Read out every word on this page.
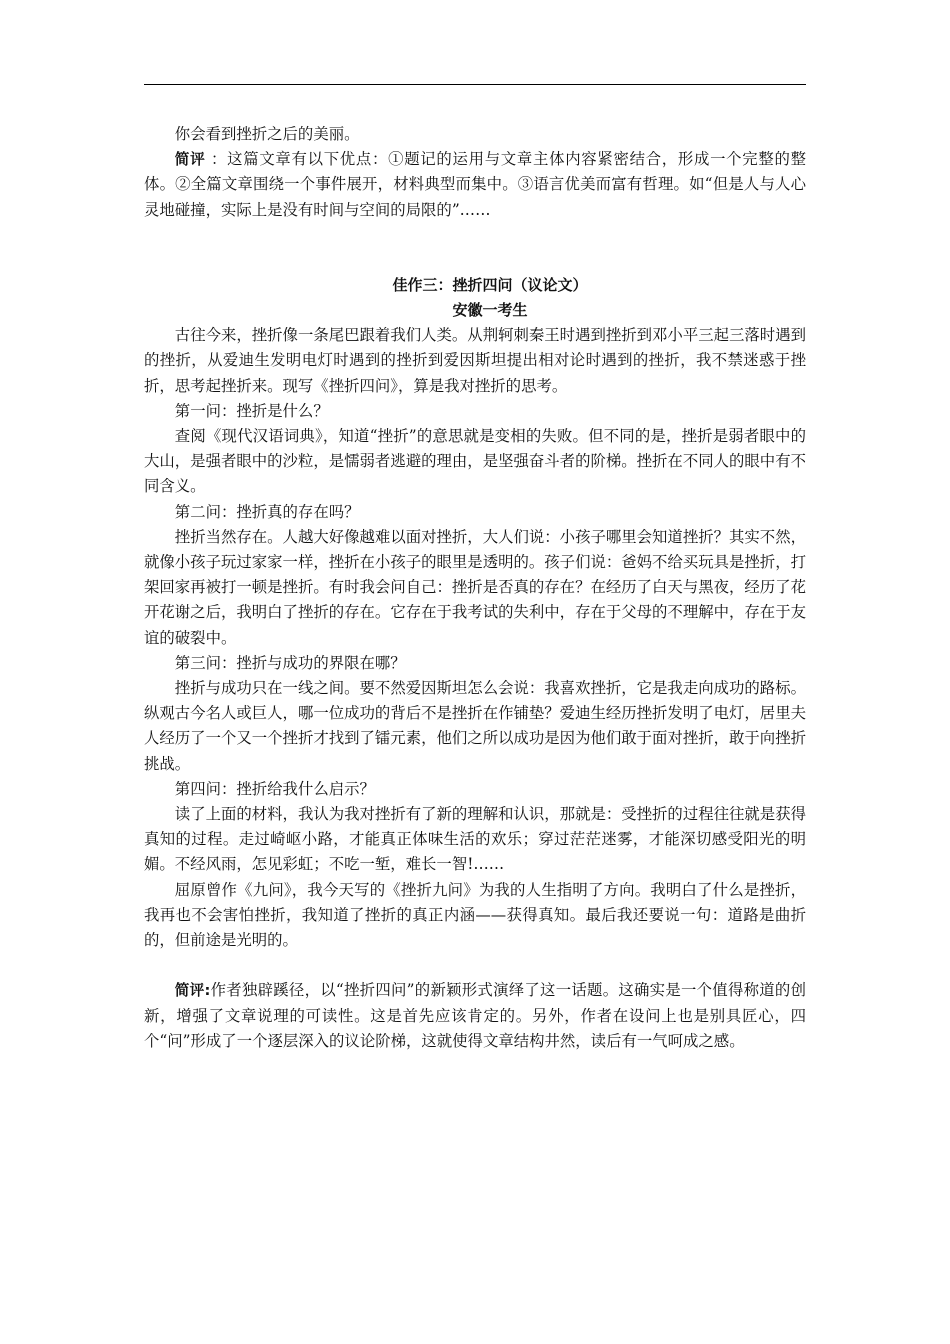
你会看到挫折之后的美丽。

简评 ：这篇文章有以下优点：①题记的运用与文章主体内容紧密结合，形成一个完整的整体。②全篇文章围绕一个事件展开，材料典型而集中。③语言优美而富有哲理。如“但是人与人心灵地碰撞，实际上是没有时间与空间的局限的”……

佳作三：挫折四问（议论文）

安徽一考生

古往今来，挫折像一条尾巴跟着我们人类。从荆轲刺秦王时遇到挫折到邓小平三起三落时遇到的挫折，从爱迪生发明电灯时遇到的挫折到爱因斯坦提出相对论时遇到的挫折，我不禁迷惑于挫折，思考起挫折来。现写《挫折四问》，算是我对挫折的思考。

第一问：挫折是什么？

查阅《现代汉语词典》，知道“挫折”的意思就是变相的失败。但不同的是，挫折是弱者眼中的大山，是强者眼中的沙粒，是懦弱者逃避的理由，是坚强奋斗者的阶梯。挫折在不同人的眼中有不同含义。

第二问：挫折真的存在吗？

挫折当然存在。人越大好像越难以面对挫折，大人们说：小孩子哪里会知道挫折？其实不然，就像小孩子玩过家家一样，挫折在小孩子的眼里是透明的。孩子们说：爸妈不给买玩具是挫折，打架回家再被打一顿是挫折。有时我会问自己：挫折是否真的存在？在经历了白天与黑夜，经历了花开花谢之后，我明白了挫折的存在。它存在于我考试的失利中，存在于父母的不理解中，存在于友谊的破裂中。

第三问：挫折与成功的界限在哪？

挫折与成功只在一线之间。要不然爱因斯坦怎么会说：我喜欢挫折，它是我走向成功的路标。纵观古今名人或巨人，哪一位成功的背后不是挫折在作铺垫？爱迪生经历挫折发明了电灯，居里夫人经历了一个又一个挫折才找到了镭元素，他们之所以成功是因为他们敢于面对挫折，敢于向挫折挑战。

第四问：挫折给我什么启示？

读了上面的材料，我认为我对挫折有了新的理解和认识，那就是：受挫折的过程往往就是获得真知的过程。走过崎岖小路，才能真正体味生活的欢乐；穿过茫茫迷雾，才能深切感受阳光的明媚。不经风雨，怎见彩虹；不吃一堑，难长一智!……

屈原曾作《九问》，我今天写的《挫折九问》为我的人生指明了方向。我明白了什么是挫折，我再也不会害怕挫折，我知道了挫折的真正内涵——获得真知。最后我还要说一句：道路是曲折的，但前途是光明的。

简评:作者独辟蹊径，以“挫折四问”的新颖形式演绎了这一话题。这确实是一个值得称道的创新，增强了文章说理的可读性。这是首先应该肯定的。另外，作者在设问上也是别具匠心，四个“问”形成了一个逐层深入的议论阶梯，这就使得文章结构井然，读后有一气呵成之感。
